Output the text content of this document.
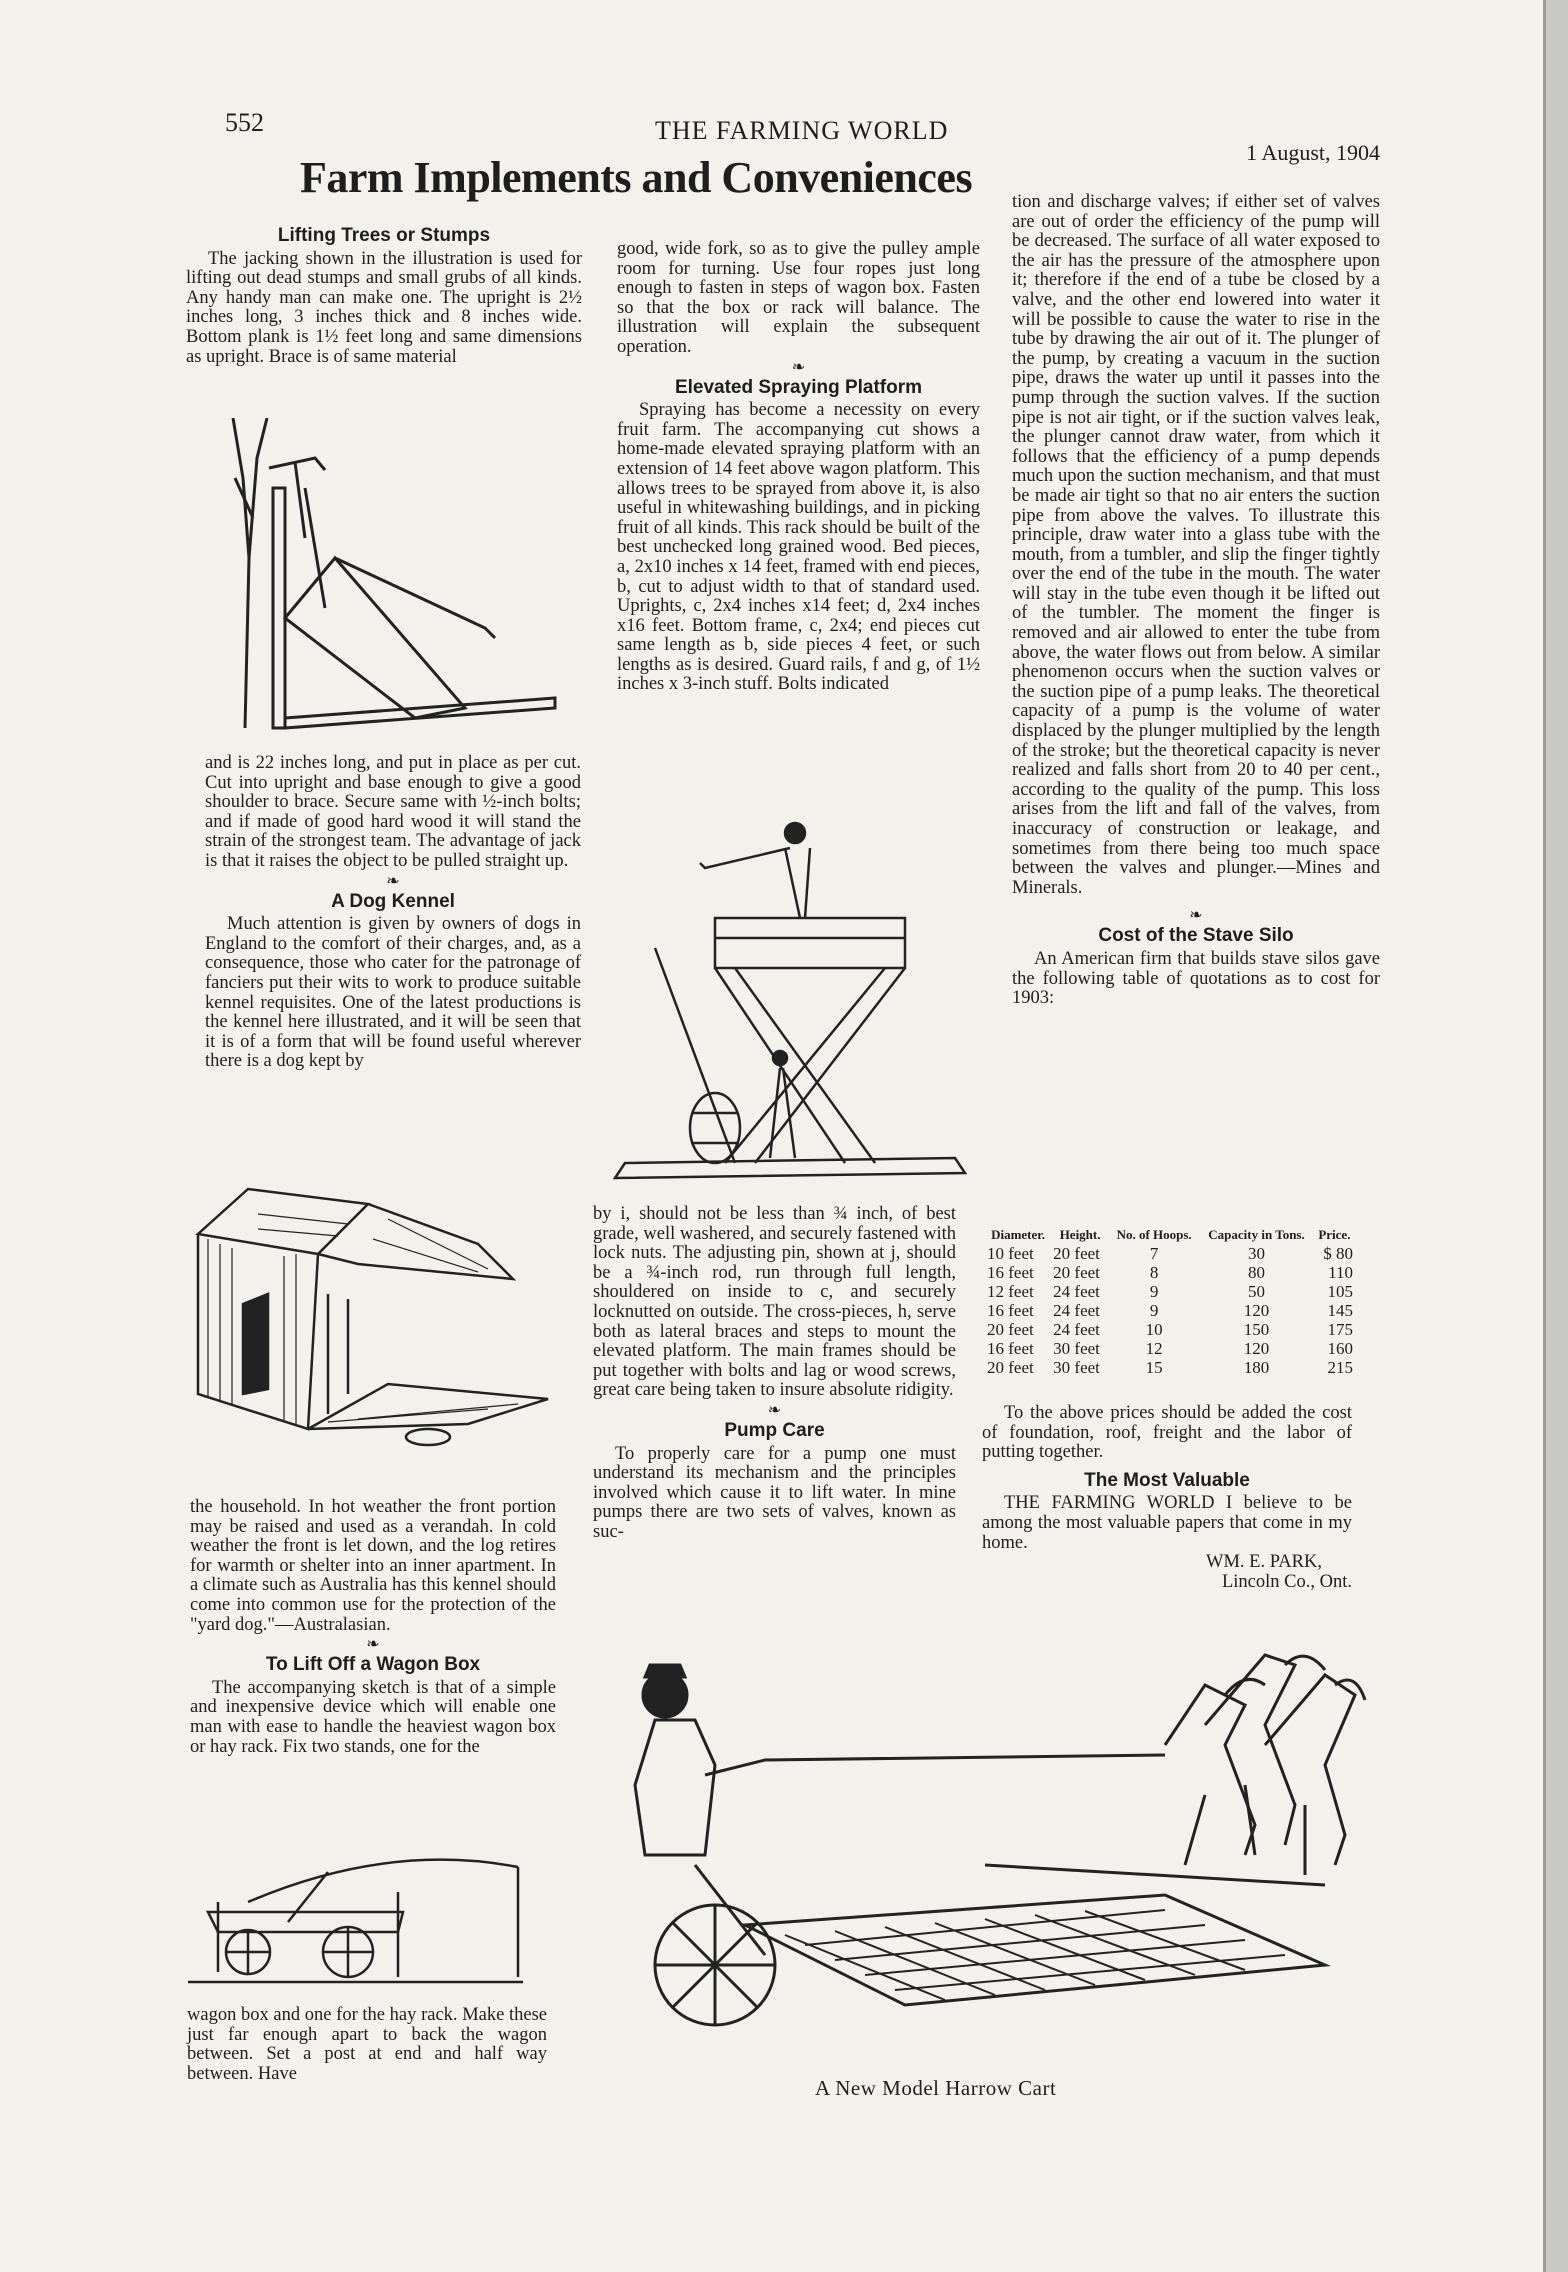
552	THE FARMING WORLD
1 August, 1904
Farm Implements and Conveniences
Lifting Trees or Stumps

The jacking shown in the illustration is used for lifting out dead stumps and small grubs of all kinds. Any handy man can make one. The upright is 2½ inches long, 3 inches thick and 8 inches wide. Bottom plank is 1½ feet long and same dimensions as upright. Brace is of same material

and is 22 inches long, and put in place as per cut. Cut into upright and base enough to give a good shoulder to brace. Secure same with ½-inch bolts; and if made of good hard wood it will stand the strain of the strongest team. The advantage of jack is that it raises the object to be pulled straight up.

❧
A Dog Kennel

Much attention is given by owners of dogs in England to the comfort of their charges, and, as a consequence, those who cater for the patronage of fanciers put their wits to work to produce suitable kennel requisites. One of the latest productions is the kennel here illustrated, and it will be seen that it is of a form that will be found useful wherever there is a dog kept by

the household. In hot weather the front portion may be raised and used as a verandah. In cold weather the front is let down, and the log retires for warmth or shelter into an inner apartment. In a climate such as Australia has this kennel should come into common use for the protection of the "yard dog."—Australasian.

❧
To Lift Off a Wagon Box

The accompanying sketch is that of a simple and inexpensive device which will enable one man with ease to handle the heaviest wagon box or hay rack. Fix two stands, one for the

wagon box and one for the hay rack. Make these just far enough apart to back the wagon between. Set a post at end and half way between. Have

good, wide fork, so as to give the pulley ample room for turning. Use four ropes just long enough to fasten in steps of wagon box. Fasten so that the box or rack will balance. The illustration will explain the subsequent operation.

❧
Elevated Spraying Platform

Spraying has become a necessity on every fruit farm. The accompanying cut shows a home-made elevated spraying platform with an extension of 14 feet above wagon platform. This allows trees to be sprayed from above it, is also useful in whitewashing buildings, and in picking fruit of all kinds. This rack should be built of the best unchecked long grained wood. Bed pieces, a, 2x10 inches x 14 feet, framed with end pieces, b, cut to adjust width to that of standard used. Uprights, c, 2x4 inches x14 feet; d, 2x4 inches x16 feet. Bottom frame, c, 2x4; end pieces cut same length as b, side pieces 4 feet, or such lengths as is desired. Guard rails, f and g, of 1½ inches x 3-inch stuff. Bolts indicated

by i, should not be less than ¾ inch, of best grade, well washered, and securely fastened with lock nuts. The adjusting pin, shown at j, should be a ¾-inch rod, run through full length, shouldered on inside to c, and securely locknutted on outside. The cross-pieces, h, serve both as lateral braces and steps to mount the elevated platform. The main frames should be put together with bolts and lag or wood screws, great care being taken to insure absolute ridigity.

❧
Pump Care

To properly care for a pump one must understand its mechanism and the principles involved which cause it to lift water. In mine pumps there are two sets of valves, known as suc-

tion and discharge valves; if either set of valves are out of order the efficiency of the pump will be decreased. The surface of all water exposed to the air has the pressure of the atmosphere upon it; therefore if the end of a tube be closed by a valve, and the other end lowered into water it will be possible to cause the water to rise in the tube by drawing the air out of it. The plunger of the pump, by creating a vacuum in the suction pipe, draws the water up until it passes into the pump through the suction valves. If the suction pipe is not air tight, or if the suction valves leak, the plunger cannot draw water, from which it follows that the efficiency of a pump depends much upon the suction mechanism, and that must be made air tight so that no air enters the suction pipe from above the valves. To illustrate this principle, draw water into a glass tube with the mouth, from a tumbler, and slip the finger tightly over the end of the tube in the mouth. The water will stay in the tube even though it be lifted out of the tumbler. The moment the finger is removed and air allowed to enter the tube from above, the water flows out from below. A similar phenomenon occurs when the suction valves or the suction pipe of a pump leaks. The theoretical capacity of a pump is the volume of water displaced by the plunger multiplied by the length of the stroke; but the theoretical capacity is never realized and falls short from 20 to 40 per cent., according to the quality of the pump. This loss arises from the lift and fall of the valves, from inaccuracy of construction or leakage, and sometimes from there being too much space between the valves and plunger.—Mines and Minerals.

❧
Cost of the Stave Silo

An American firm that builds stave silos gave the following table of quotations as to cost for 1903:

Diameter.	Height.	No. of Hoops.	Capacity in Tons.	Price.
10 feet	20 feet	7	30	$ 80
16 feet	20 feet	8	80	110
12 feet	24 feet	9	50	105
16 feet	24 feet	9	120	145
20 feet	24 feet	10	150	175
16 feet	30 feet	12	120	160
20 feet	30 feet	15	180	215

To the above prices should be added the cost of foundation, roof, freight and the labor of putting together.

The Most Valuable

THE FARMING WORLD I believe to be among the most valuable papers that come in my home.

WM. E. PARK,
Lincoln Co., Ont.
A New Model Harrow Cart
